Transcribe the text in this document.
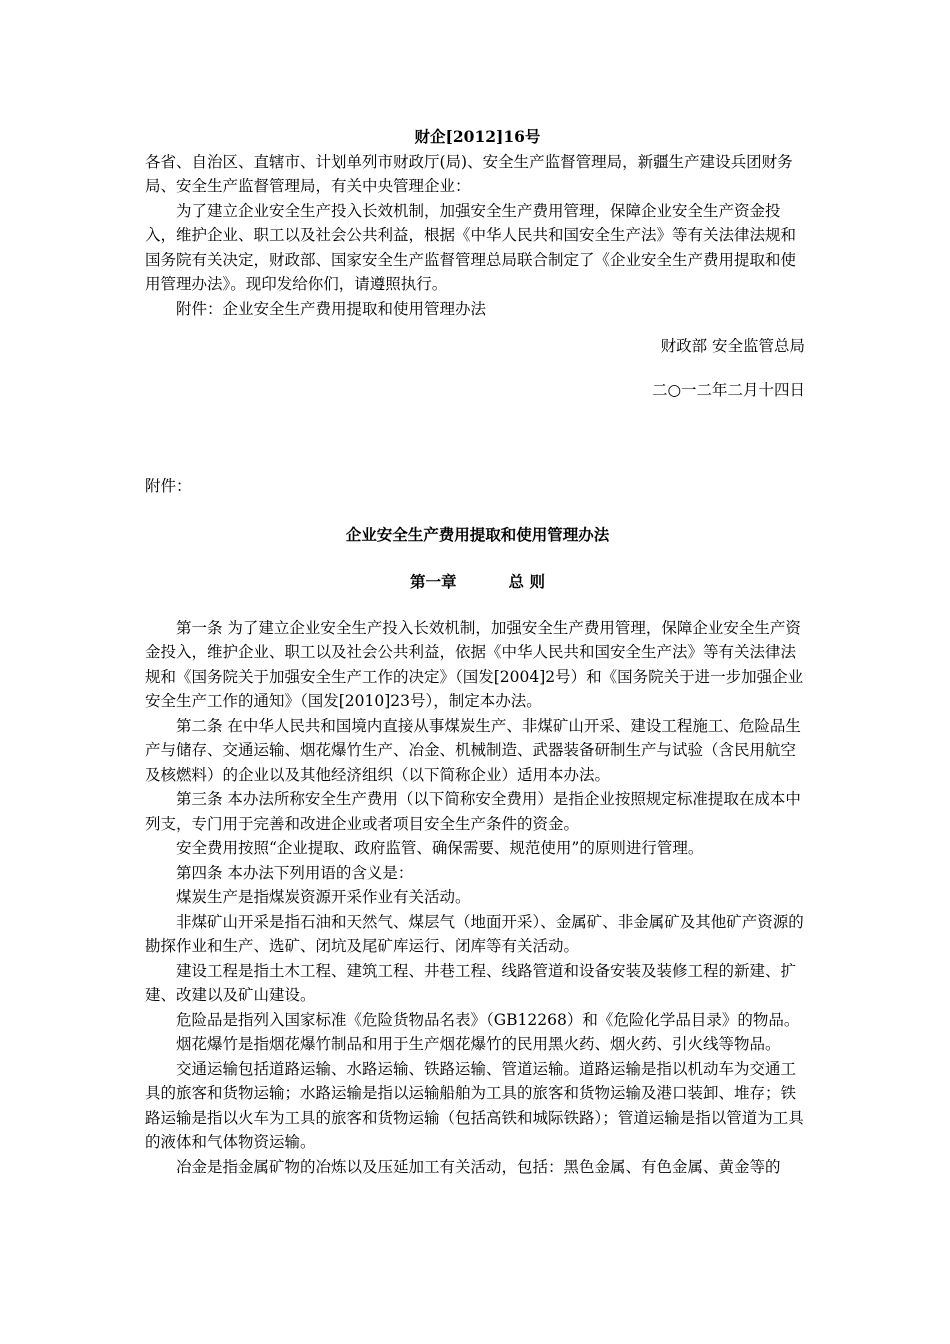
财企[2012]16号

各省、自治区、直辖市、计划单列市财政厅(局)、安全生产监督管理局，新疆生产建设兵团财务局、安全生产监督管理局，有关中央管理企业：

为了建立企业安全生产投入长效机制，加强安全生产费用管理，保障企业安全生产资金投入，维护企业、职工以及社会公共利益，根据《中华人民共和国安全生产法》等有关法律法规和国务院有关决定，财政部、国家安全生产监督管理总局联合制定了《企业安全生产费用提取和使用管理办法》。现印发给你们，请遵照执行。

附件：企业安全生产费用提取和使用管理办法

财政部 安全监管总局

二○一二年二月十四日

附件：

企业安全生产费用提取和使用管理办法

第一章	总 则

第一条 为了建立企业安全生产投入长效机制，加强安全生产费用管理，保障企业安全生产资金投入，维护企业、职工以及社会公共利益，依据《中华人民共和国安全生产法》等有关法律法规和《国务院关于加强安全生产工作的决定》（国发[2004]2号）和《国务院关于进一步加强企业安全生产工作的通知》（国发[2010]23号），制定本办法。

第二条 在中华人民共和国境内直接从事煤炭生产、非煤矿山开采、建设工程施工、危险品生产与储存、交通运输、烟花爆竹生产、冶金、机械制造、武器装备研制生产与试验（含民用航空及核燃料）的企业以及其他经济组织（以下简称企业）适用本办法。

第三条 本办法所称安全生产费用（以下简称安全费用）是指企业按照规定标准提取在成本中列支，专门用于完善和改进企业或者项目安全生产条件的资金。

安全费用按照“企业提取、政府监管、确保需要、规范使用”的原则进行管理。

第四条 本办法下列用语的含义是：

煤炭生产是指煤炭资源开采作业有关活动。

非煤矿山开采是指石油和天然气、煤层气（地面开采）、金属矿、非金属矿及其他矿产资源的勘探作业和生产、选矿、闭坑及尾矿库运行、闭库等有关活动。

建设工程是指土木工程、建筑工程、井巷工程、线路管道和设备安装及装修工程的新建、扩建、改建以及矿山建设。

危险品是指列入国家标准《危险货物品名表》（GB12268）和《危险化学品目录》的物品。

烟花爆竹是指烟花爆竹制品和用于生产烟花爆竹的民用黑火药、烟火药、引火线等物品。

交通运输包括道路运输、水路运输、铁路运输、管道运输。道路运输是指以机动车为交通工具的旅客和货物运输；水路运输是指以运输船舶为工具的旅客和货物运输及港口装卸、堆存；铁路运输是指以火车为工具的旅客和货物运输（包括高铁和城际铁路）；管道运输是指以管道为工具的液体和气体物资运输。

冶金是指金属矿物的冶炼以及压延加工有关活动，包括：黑色金属、有色金属、黄金等的
